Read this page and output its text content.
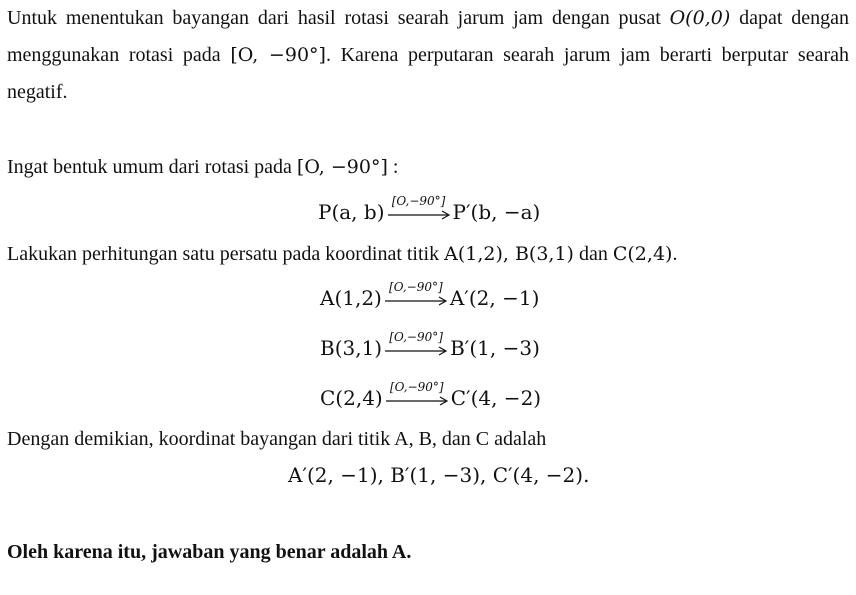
Untuk menentukan bayangan dari hasil rotasi searah jarum jam dengan pusat O(0,0) dapat dengan
menggunakan rotasi pada [O, −90°]. Karena perputaran searah jarum jam berarti berputar searah
negatif.
Ingat bentuk umum dari rotasi pada [O, −90°] :
P(a, b) [O,−90°] P′(b, −a)
Lakukan perhitungan satu persatu pada koordinat titik A(1,2), B(3,1) dan C(2,4).
A(1,2) [O,−90°] A′(2, −1)
B(3,1) [O,−90°] B′(1, −3)
C(2,4) [O,−90°] C′(4, −2)
Dengan demikian, koordinat bayangan dari titik A, B, dan C adalah
A′(2, −1), B′(1, −3), C′(4, −2).
Oleh karena itu, jawaban yang benar adalah A.
